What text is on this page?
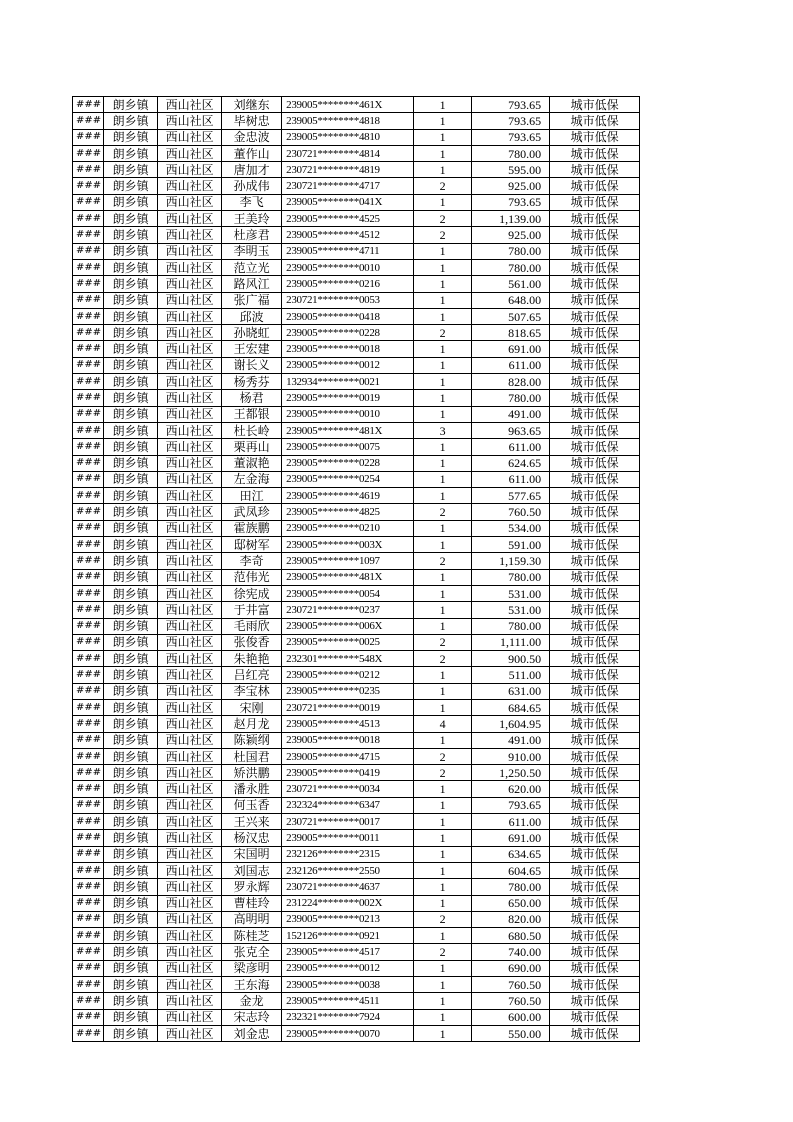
###	朗乡镇	西山社区	刘继东	239005********461X	1	793.65	城市低保
###	朗乡镇	西山社区	毕树忠	239005********4818	1	793.65	城市低保
###	朗乡镇	西山社区	金忠波	239005********4810	1	793.65	城市低保
###	朗乡镇	西山社区	董作山	230721********4814	1	780.00	城市低保
###	朗乡镇	西山社区	唐加才	230721********4819	1	595.00	城市低保
###	朗乡镇	西山社区	孙成伟	230721********4717	2	925.00	城市低保
###	朗乡镇	西山社区	李飞	239005********041X	1	793.65	城市低保
###	朗乡镇	西山社区	王美玲	239005********4525	2	1,139.00	城市低保
###	朗乡镇	西山社区	杜彦君	239005********4512	2	925.00	城市低保
###	朗乡镇	西山社区	李明玉	239005********4711	1	780.00	城市低保
###	朗乡镇	西山社区	范立光	239005********0010	1	780.00	城市低保
###	朗乡镇	西山社区	路风江	239005********0216	1	561.00	城市低保
###	朗乡镇	西山社区	张广福	230721********0053	1	648.00	城市低保
###	朗乡镇	西山社区	邱波	239005********0418	1	507.65	城市低保
###	朗乡镇	西山社区	孙晓虹	239005********0228	2	818.65	城市低保
###	朗乡镇	西山社区	王宏建	239005********0018	1	691.00	城市低保
###	朗乡镇	西山社区	谢长义	239005********0012	1	611.00	城市低保
###	朗乡镇	西山社区	杨秀芬	132934********0021	1	828.00	城市低保
###	朗乡镇	西山社区	杨君	239005********0019	1	780.00	城市低保
###	朗乡镇	西山社区	王都银	239005********0010	1	491.00	城市低保
###	朗乡镇	西山社区	杜长岭	239005********481X	3	963.65	城市低保
###	朗乡镇	西山社区	栗再山	239005********0075	1	611.00	城市低保
###	朗乡镇	西山社区	董淑艳	239005********0228	1	624.65	城市低保
###	朗乡镇	西山社区	左金海	239005********0254	1	611.00	城市低保
###	朗乡镇	西山社区	田江	239005********4619	1	577.65	城市低保
###	朗乡镇	西山社区	武凤珍	239005********4825	2	760.50	城市低保
###	朗乡镇	西山社区	霍族鹏	239005********0210	1	534.00	城市低保
###	朗乡镇	西山社区	邸树军	239005********003X	1	591.00	城市低保
###	朗乡镇	西山社区	李奇	239005********1097	2	1,159.30	城市低保
###	朗乡镇	西山社区	范伟光	239005********481X	1	780.00	城市低保
###	朗乡镇	西山社区	徐宪成	239005********0054	1	531.00	城市低保
###	朗乡镇	西山社区	于井富	230721********0237	1	531.00	城市低保
###	朗乡镇	西山社区	毛雨欣	239005********006X	1	780.00	城市低保
###	朗乡镇	西山社区	张俊香	239005********0025	2	1,111.00	城市低保
###	朗乡镇	西山社区	朱艳艳	232301********548X	2	900.50	城市低保
###	朗乡镇	西山社区	吕红亮	239005********0212	1	511.00	城市低保
###	朗乡镇	西山社区	李宝林	239005********0235	1	631.00	城市低保
###	朗乡镇	西山社区	宋刚	230721********0019	1	684.65	城市低保
###	朗乡镇	西山社区	赵月龙	239005********4513	4	1,604.95	城市低保
###	朗乡镇	西山社区	陈颖纲	239005********0018	1	491.00	城市低保
###	朗乡镇	西山社区	杜国君	239005********4715	2	910.00	城市低保
###	朗乡镇	西山社区	矫洪鹏	239005********0419	2	1,250.50	城市低保
###	朗乡镇	西山社区	潘永胜	230721********0034	1	620.00	城市低保
###	朗乡镇	西山社区	何玉香	232324********6347	1	793.65	城市低保
###	朗乡镇	西山社区	王兴来	230721********0017	1	611.00	城市低保
###	朗乡镇	西山社区	杨汉忠	239005********0011	1	691.00	城市低保
###	朗乡镇	西山社区	宋国明	232126********2315	1	634.65	城市低保
###	朗乡镇	西山社区	刘国志	232126********2550	1	604.65	城市低保
###	朗乡镇	西山社区	罗永辉	230721********4637	1	780.00	城市低保
###	朗乡镇	西山社区	曹桂玲	231224********002X	1	650.00	城市低保
###	朗乡镇	西山社区	高明明	239005********0213	2	820.00	城市低保
###	朗乡镇	西山社区	陈桂芝	152126********0921	1	680.50	城市低保
###	朗乡镇	西山社区	张克全	239005********4517	2	740.00	城市低保
###	朗乡镇	西山社区	梁彦明	239005********0012	1	690.00	城市低保
###	朗乡镇	西山社区	王东海	239005********0038	1	760.50	城市低保
###	朗乡镇	西山社区	金龙	239005********4511	1	760.50	城市低保
###	朗乡镇	西山社区	宋志玲	232321********7924	1	600.00	城市低保
###	朗乡镇	西山社区	刘金忠	239005********0070	1	550.00	城市低保
